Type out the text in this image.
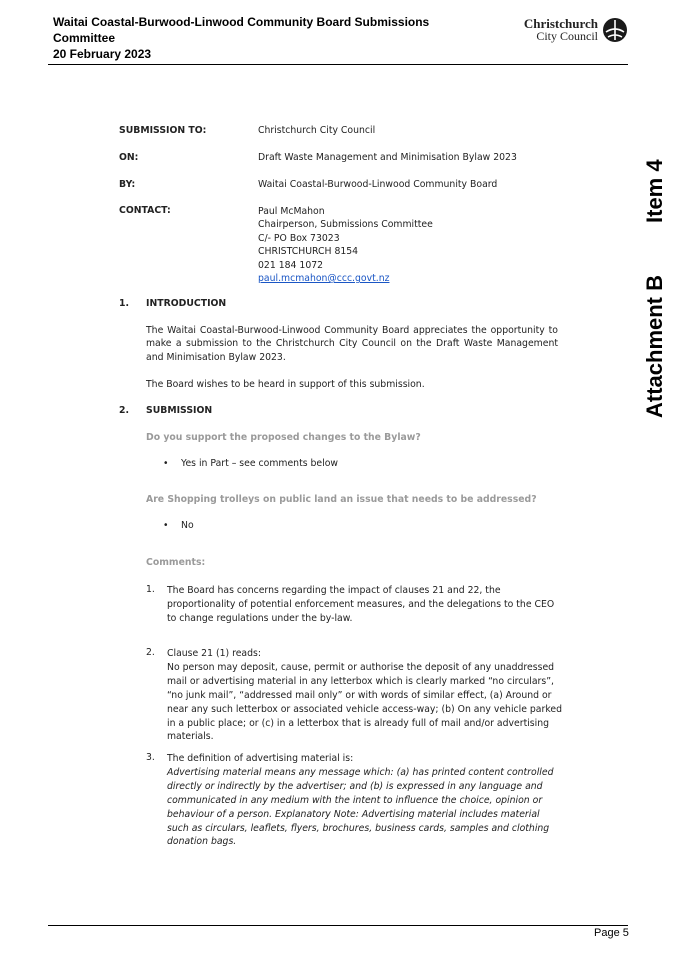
Waitai Coastal-Burwood-Linwood Community Board Submissions
Committee
20 February 2023
Christchurch
City Council
Item 4
Attachment B
SUBMISSION TO:	Christchurch City Council
ON:	Draft Waste Management and Minimisation Bylaw 2023
BY:	Waitai Coastal-Burwood-Linwood Community Board
CONTACT:	Paul McMahon
Chairperson, Submissions Committee
C/- PO Box 73023
CHRISTCHURCH 8154
021 184 1072
paul.mcmahon@ccc.govt.nz
1. INTRODUCTION
The Waitai Coastal-Burwood-Linwood Community Board appreciates the opportunity to make a submission to the Christchurch City Council on the Draft Waste Management and Minimisation Bylaw 2023.
The Board wishes to be heard in support of this submission.
2. SUBMISSION
Do you support the proposed changes to the Bylaw?
• Yes in Part – see comments below
Are Shopping trolleys on public land an issue that needs to be addressed?
• No
Comments:
1. The Board has concerns regarding the impact of clauses 21 and 22, the proportionality of potential enforcement measures, and the delegations to the CEO to change regulations under the by-law.
2. Clause 21 (1) reads:
No person may deposit, cause, permit or authorise the deposit of any unaddressed mail or advertising material in any letterbox which is clearly marked “no circulars”, “no junk mail”, “addressed mail only” or with words of similar effect, (a) Around or near any such letterbox or associated vehicle access-way; (b) On any vehicle parked in a public place; or (c) in a letterbox that is already full of mail and/or advertising materials.
3. The definition of advertising material is:
Advertising material means any message which: (a) has printed content controlled directly or indirectly by the advertiser; and (b) is expressed in any language and communicated in any medium with the intent to influence the choice, opinion or behaviour of a person. Explanatory Note: Advertising material includes material such as circulars, leaflets, flyers, brochures, business cards, samples and clothing donation bags.
Page 5
